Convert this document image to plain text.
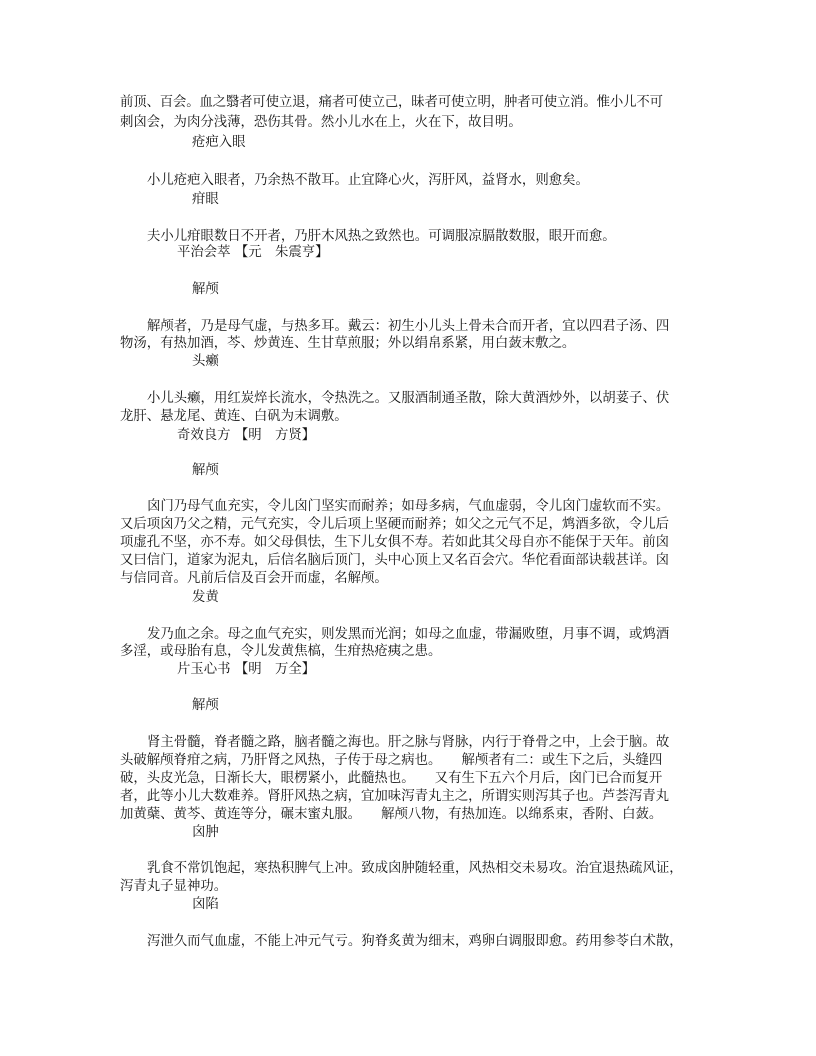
前顶、百会。血之翳者可使立退，痛者可使立己，昧者可使立明，肿者可使立消。惟小儿不可
刺囟会，为肉分浅薄，恐伤其骨。然小儿水在上，火在下，故目明。
疮疤入眼
小儿疮疤入眼者，乃余热不散耳。止宜降心火，泻肝风，益肾水，则愈矣。
疳眼
夫小儿疳眼数日不开者，乃肝木风热之致然也。可调服凉膈散数服，眼开而愈。
平治会萃 【元　朱震亨】
解颅
解颅者，乃是母气虚，与热多耳。戴云：初生小儿头上骨未合而开者，宜以四君子汤、四
物汤，有热加酒，芩、炒黄连、生甘草煎服；外以绢帛系紧，用白蔹末敷之。
头癞
小儿头癞，用红炭焠长流水，令热洗之。又服酒制通圣散，除大黄酒炒外，以胡荽子、伏
龙肝、悬龙尾、黄连、白矾为末调敷。
奇效良方 【明　方贤】
解颅
囟门乃母气血充实，令儿囟门坚实而耐养；如母多病，气血虚弱，令儿囟门虚软而不实。
又后项囟乃父之精，元气充实，令儿后项上坚硬而耐养；如父之元气不足，鸩酒多欲，令儿后
项虚孔不坚，亦不寿。如父母俱怯，生下儿女俱不寿。若如此其父母自亦不能保于天年。前囟
又曰信门，道家为泥丸，后信名脑后顶门，头中心顶上又名百会穴。华佗看面部诀载甚详。囟
与信同音。凡前后信及百会开而虚，名解颅。
发黄
发乃血之余。母之血气充实，则发黑而光润；如母之血虚，带漏败堕，月事不调，或鸩酒
多淫，或母胎有息，令儿发黄焦槁，生疳热疮痍之患。
片玉心书 【明　万全】
解颅
肾主骨髓，脊者髓之路，脑者髓之海也。肝之脉与肾脉，内行于脊骨之中，上会于脑。故
头破解颅脊疳之病，乃肝肾之风热，子传于母之病也。　　解颅者有二：或生下之后，头缝四
破，头皮光急，日渐长大，眼楞紧小，此髓热也。　　又有生下五六个月后，囟门已合而复开
者，此等小儿大数难养。肾肝风热之病，宜加味泻青丸主之，所谓实则泻其子也。芦荟泻青丸
加黄蘖、黄芩、黄连等分，碾末蜜丸服。　　解颅八物，有热加连。以绵系束，香附、白蔹。
囟肿
乳食不常饥饱起，寒热积脾气上冲。致成囟肿随轻重，风热相交未易攻。治宜退热疏风证，
泻青丸子显神功。
囟陷
泻泄久而气血虚，不能上冲元气亏。狗脊炙黄为细末，鸡卵白调服即愈。药用参苓白术散，
